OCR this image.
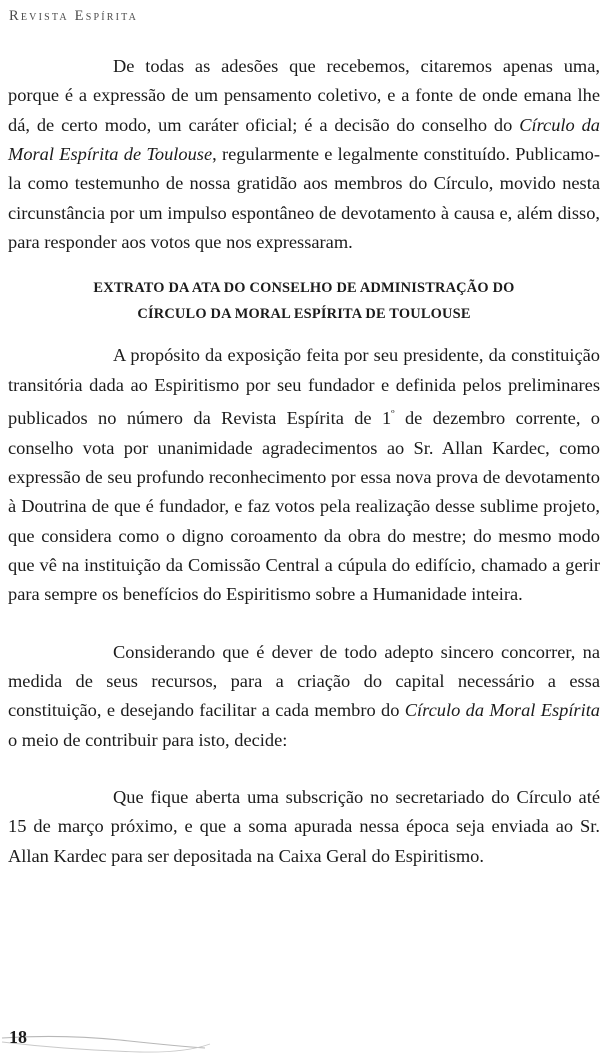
Revista Espírita

De todas as adesões que recebemos, citaremos apenas uma, porque é a expressão de um pensamento coletivo, e a fonte de onde emana lhe dá, de certo modo, um caráter oficial; é a decisão do conselho do Círculo da Moral Espírita de Toulouse, regularmente e legalmente constituído. Publicamo-la como testemunho de nossa gratidão aos membros do Círculo, movido nesta circunstância por um impulso espontâneo de devotamento à causa e, além disso, para responder aos votos que nos expressaram.

EXTRATO DA ATA DO CONSELHO DE ADMINISTRAÇÃO DO
CÍRCULO DA MORAL ESPÍRITA DE TOULOUSE

A propósito da exposição feita por seu presidente, da constituição transitória dada ao Espiritismo por seu fundador e definida pelos preliminares publicados no número da Revista Espírita de $1^º$ de dezembro corrente, o conselho vota por unanimidade agradecimentos ao Sr. Allan Kardec, como expressão de seu profundo reconhecimento por essa nova prova de devotamento à Doutrina de que é fundador, e faz votos pela realização desse sublime projeto, que considera como o digno coroamento da obra do mestre; do mesmo modo que vê na instituição da Comissão Central a cúpula do edifício, chamado a gerir para sempre os benefícios do Espiritismo sobre a Humanidade inteira.

Considerando que é dever de todo adepto sincero concorrer, na medida de seus recursos, para a criação do capital necessário a essa constituição, e desejando facilitar a cada membro do Círculo da Moral Espírita o meio de contribuir para isto, decide:

Que fique aberta uma subscrição no secretariado do Círculo até 15 de março próximo, e que a soma apurada nessa época seja enviada ao Sr. Allan Kardec para ser depositada na Caixa Geral do Espiritismo.

18
